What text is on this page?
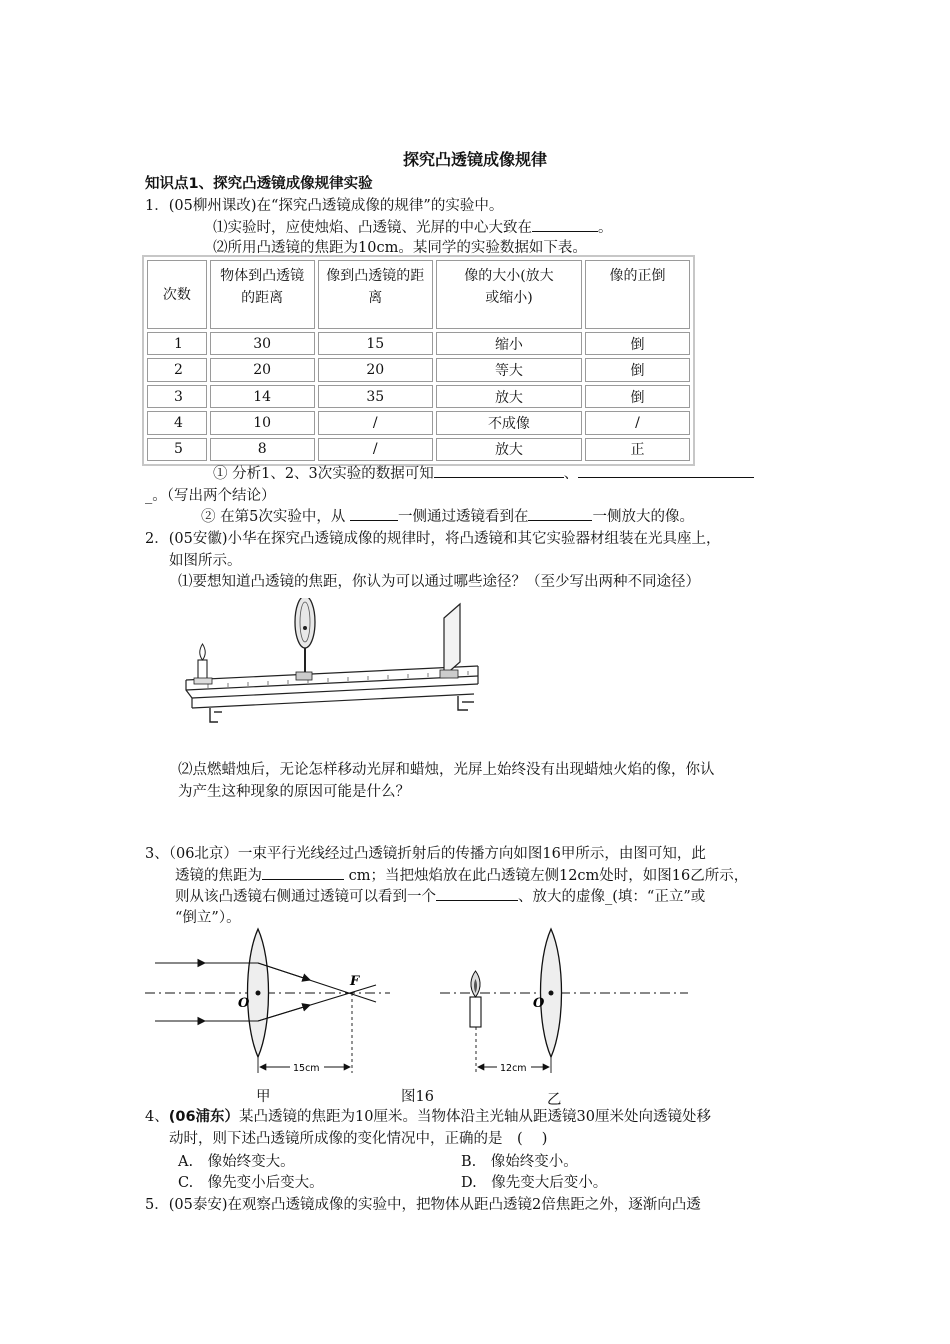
探究凸透镜成像规律
知识点1、探究凸透镜成像规律实验
1．(05柳州课改)在“探究凸透镜成像的规律”的实验中。
⑴实验时，应使烛焰、凸透镜、光屏的中心大致在	。
⑵所用凸透镜的焦距为10cm。某同学的实验数据如下表。
次数	物体到凸透镜的距离	像到凸透镜的距离	像的大小(放大或缩小)	像的正倒
1	30	15	缩小	倒
2	20	20	等大	倒
3	14	35	放大	倒
4	10	/	不成像	/
5	8	/	放大	正
① 分析1、2、3次实验的数据可知	、
_。（写出两个结论）
② 在第5次实验中，从	一侧通过透镜看到在	一侧放大的像。
2．(05安徽)小华在探究凸透镜成像的规律时，将凸透镜和其它实验器材组装在光具座上，
如图所示。
⑴要想知道凸透镜的焦距，你认为可以通过哪些途径？（至少写出两种不同途径）
⑵点燃蜡烛后，无论怎样移动光屏和蜡烛，光屏上始终没有出现蜡烛火焰的像，你认
为产生这种现象的原因可能是什么？
3、（06北京）一束平行光线经过凸透镜折射后的传播方向如图16甲所示，由图可知，此
透镜的焦距为	cm；当把烛焰放在此凸透镜左侧12cm处时，如图16乙所示，
则从该凸透镜右侧通过透镜可以看到一个	、放大的虚像_(填：“正立”或
“倒立”）。
O
F
15cm
O
12cm
甲	图16	乙
4、(06浦东）某凸透镜的焦距为10厘米。当物体沿主光轴从距透镜30厘米处向透镜处移
动时，则下述凸透镜所成像的变化情况中，正确的是　(　 )
A.　像始终变大。	B.　像始终变小。
C.　像先变小后变大。	D.　像先变大后变小。
5．(05泰安)在观察凸透镜成像的实验中，把物体从距凸透镜2倍焦距之外，逐渐向凸透
